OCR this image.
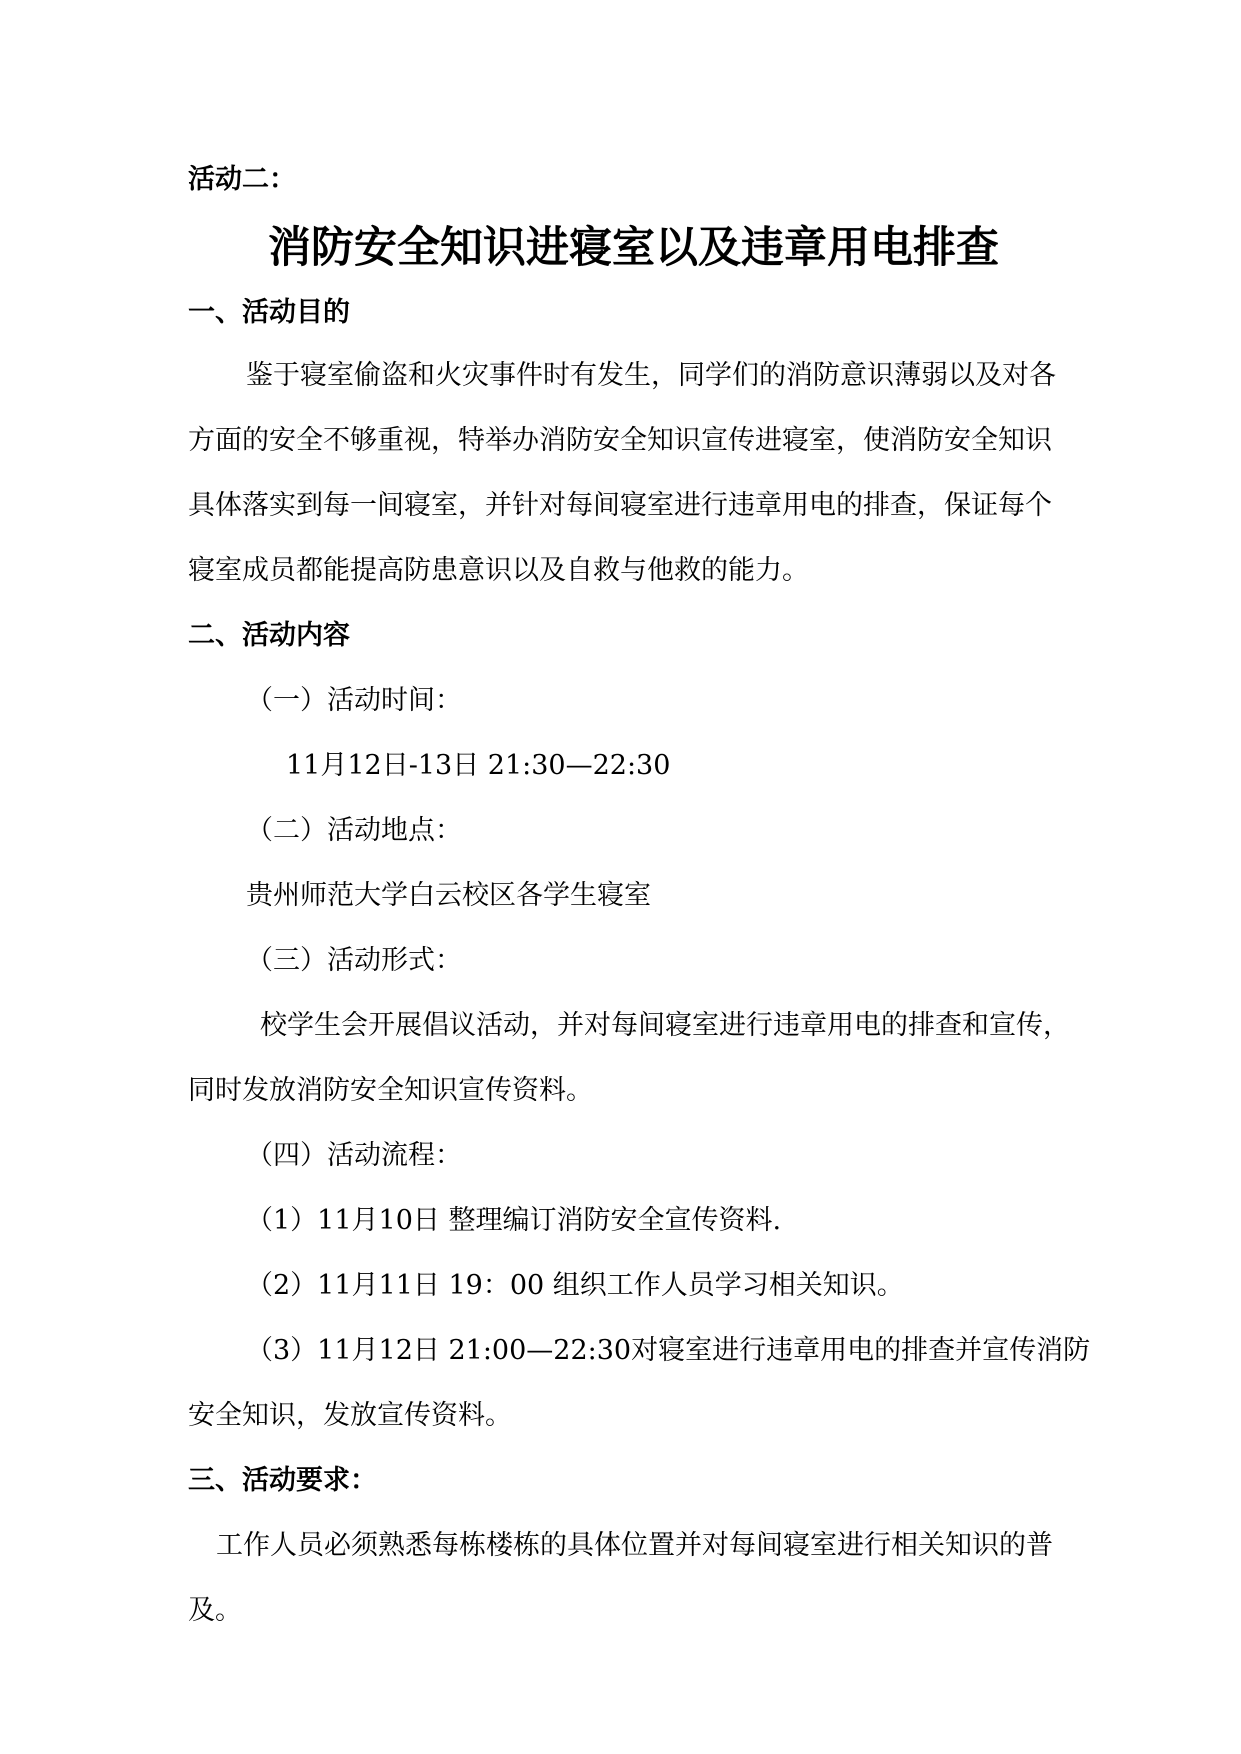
活动二：
消防安全知识进寝室以及违章用电排查
一、活动目的
鉴于寝室偷盗和火灾事件时有发生，同学们的消防意识薄弱以及对各
方面的安全不够重视，特举办消防安全知识宣传进寝室，使消防安全知识
具体落实到每一间寝室，并针对每间寝室进行违章用电的排查，保证每个
寝室成员都能提高防患意识以及自救与他救的能力。
二、活动内容
（一）活动时间：
11月12日-13日 21:30—22:30
（二）活动地点：
贵州师范大学白云校区各学生寝室
（三）活动形式：
校学生会开展倡议活动，并对每间寝室进行违章用电的排查和宣传，
同时发放消防安全知识宣传资料。
（四）活动流程：
（1）11月10日 整理编订消防安全宣传资料.
（2）11月11日 19：00 组织工作人员学习相关知识。
（3）11月12日 21:00—22:30对寝室进行违章用电的排查并宣传消防
安全知识，发放宣传资料。
三、活动要求：
工作人员必须熟悉每栋楼栋的具体位置并对每间寝室进行相关知识的普
及。
